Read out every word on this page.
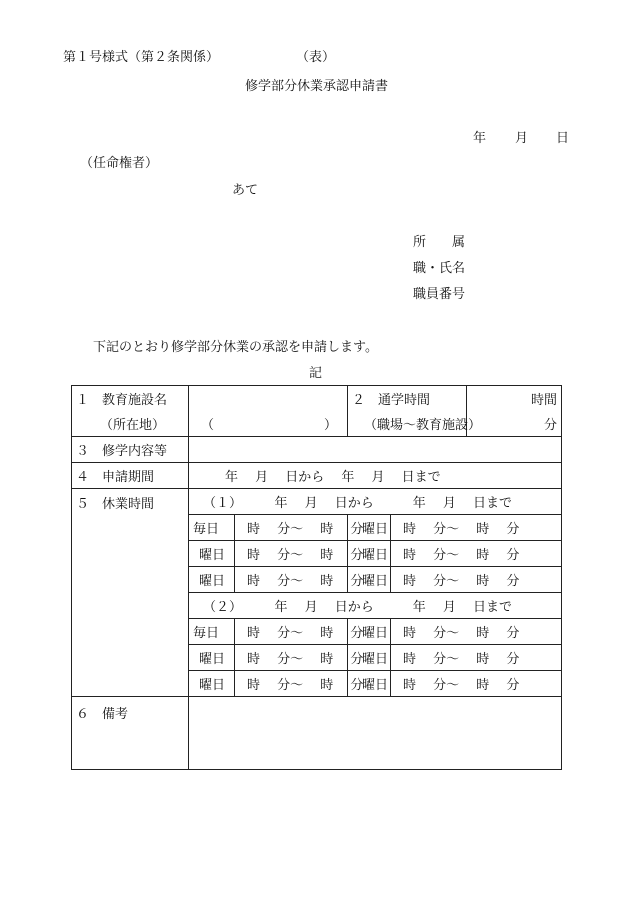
第１号様式（第２条関係）	（表）
修学部分休業承認申請書
年 月 日
（任命権者）
あて
所　　属
職・氏名
職員番号
下記のとおり修学部分休業の承認を申請します。
記
１　教育施設名			２　通学時間		時間
（所在地）	（ ）		（職場～教育施設）		分
３　修学内容等					
４　申請期間	年　 月　 日から　 年　 月　 日まで				
５　休業時間	（１）　　　年　 月　 日から　　　年　 月　 日まで				
	毎日	時　 分～　 時　 分	曜日	時　 分～　 時　 分	
	曜日	時　 分～　 時　 分	曜日	時　 分～　 時　 分	
	曜日	時　 分～　 時　 分	曜日	時　 分～　 時　 分	
	（２）　　　年　 月　 日から　　　年　 月　 日まで				
	毎日	時　 分～　 時　 分	曜日	時　 分～　 時　 分	
	曜日	時　 分～　 時　 分	曜日	時　 分～　 時　 分	
	曜日	時　 分～　 時　 分	曜日	時　 分～　 時　 分	
６　備考					
